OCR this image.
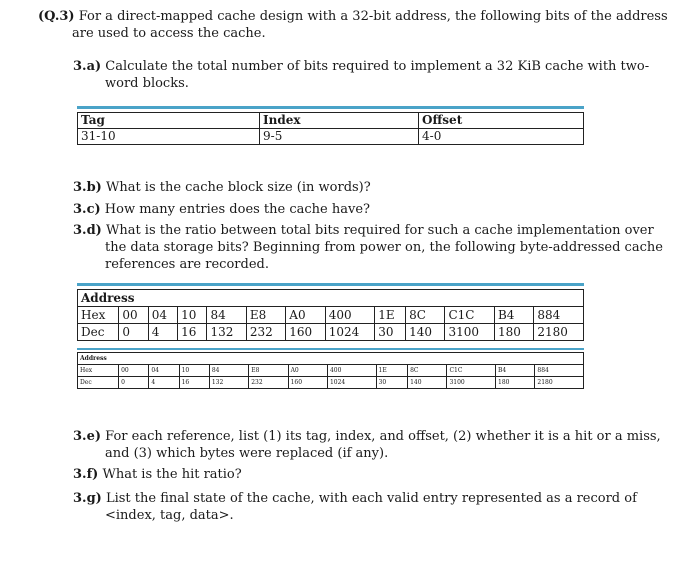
(Q.3) For a direct-mapped cache design with a 32-bit address, the following bits of the address
are used to access the cache.
3.a) Calculate the total number of bits required to implement a 32 KiB cache with two-
word blocks.
Tag	Index	Offset
31-10	9-5	4-0
3.b) What is the cache block size (in words)?
3.c) How many entries does the cache have?
3.d) What is the ratio between total bits required for such a cache implementation over
the data storage bits? Beginning from power on, the following byte-addressed cache
references are recorded.
Address												
Hex	00	04	10	84	E8	A0	400	1E	8C	C1C	B4	884
Dec	0	4	16	132	232	160	1024	30	140	3100	180	2180
Address												
Hex	00	04	10	84	E8	A0	400	1E	8C	C1C	B4	884
Dec	0	4	16	132	232	160	1024	30	140	3100	180	2180
3.e) For each reference, list (1) its tag, index, and offset, (2) whether it is a hit or a miss,
and (3) which bytes were replaced (if any).
3.f) What is the hit ratio?
3.g) List the final state of the cache, with each valid entry represented as a record of
<index, tag, data>.
